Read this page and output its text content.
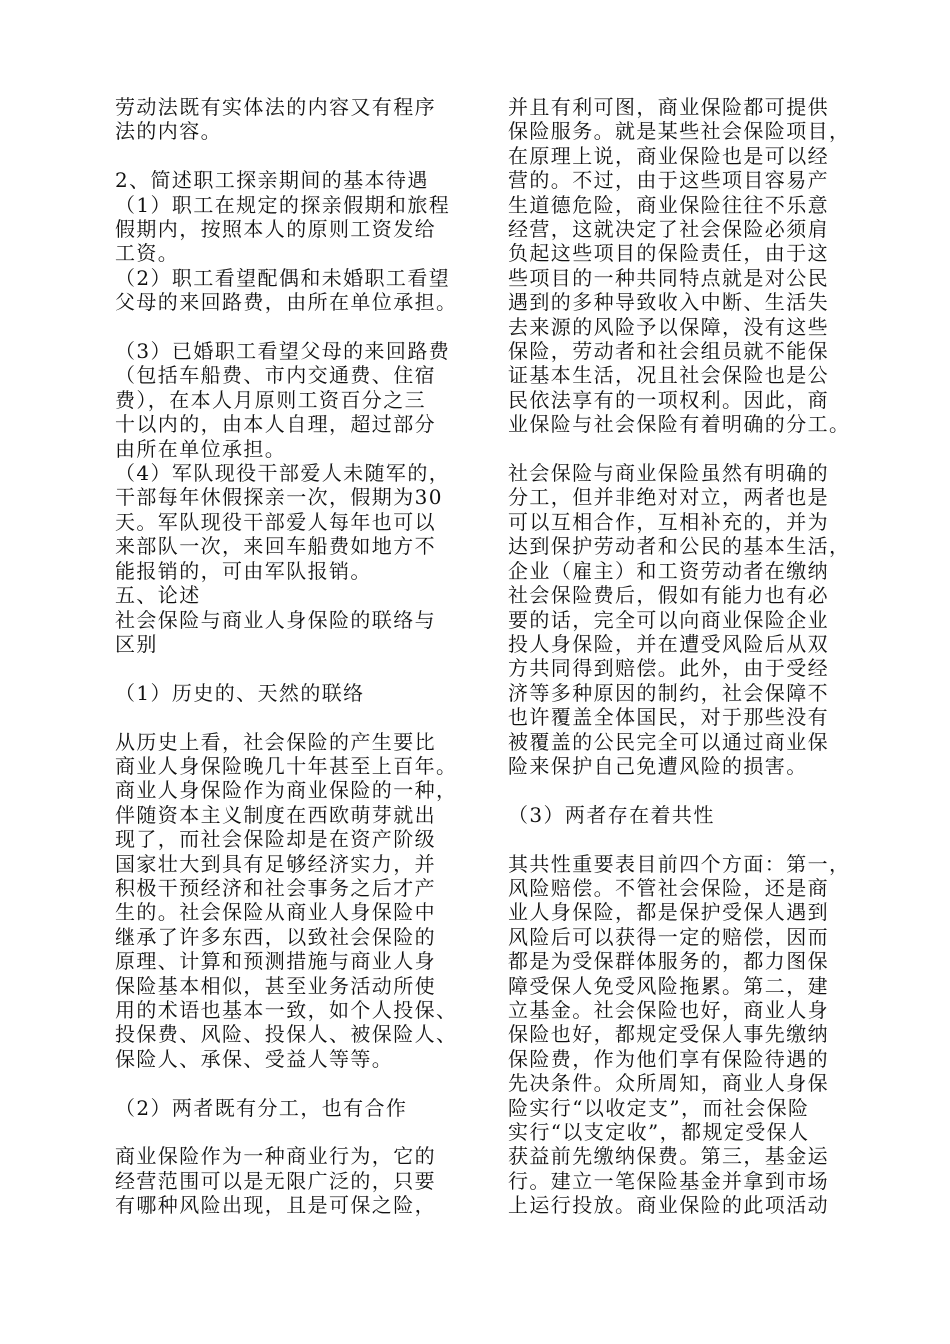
劳动法既有实体法的内容又有程序
法的内容。
2、简述职工探亲期间的基本待遇
（1）职工在规定的探亲假期和旅程
假期内，按照本人的原则工资发给
工资。
（2）职工看望配偶和未婚职工看望
父母的来回路费，由所在单位承担。
（3）已婚职工看望父母的来回路费
（包括车船费、市内交通费、住宿
费），在本人月原则工资百分之三
十以内的，由本人自理，超过部分
由所在单位承担。
（4）军队现役干部爱人未随军的，
干部每年休假探亲一次，假期为30
天。军队现役干部爱人每年也可以
来部队一次，来回车船费如地方不
能报销的，可由军队报销。
五、论述
社会保险与商业人身保险的联络与
区别
（1）历史的、天然的联络
从历史上看，社会保险的产生要比
商业人身保险晚几十年甚至上百年。
商业人身保险作为商业保险的一种，
伴随资本主义制度在西欧萌芽就出
现了，而社会保险却是在资产阶级
国家壮大到具有足够经济实力，并
积极干预经济和社会事务之后才产
生的。社会保险从商业人身保险中
继承了许多东西，以致社会保险的
原理、计算和预测措施与商业人身
保险基本相似，甚至业务活动所使
用的术语也基本一致，如个人投保、
投保费、风险、投保人、被保险人、
保险人、承保、受益人等等。
（2）两者既有分工，也有合作
商业保险作为一种商业行为，它的
经营范围可以是无限广泛的，只要
有哪种风险出现，且是可保之险，
并且有利可图，商业保险都可提供
保险服务。就是某些社会保险项目，
在原理上说，商业保险也是可以经
营的。不过，由于这些项目容易产
生道德危险，商业保险往往不乐意
经营，这就决定了社会保险必须肩
负起这些项目的保险责任，由于这
些项目的一种共同特点就是对公民
遇到的多种导致收入中断、生活失
去来源的风险予以保障，没有这些
保险，劳动者和社会组员就不能保
证基本生活，况且社会保险也是公
民依法享有的一项权利。因此，商
业保险与社会保险有着明确的分工。
社会保险与商业保险虽然有明确的
分工，但并非绝对对立，两者也是
可以互相合作，互相补充的，并为
达到保护劳动者和公民的基本生活，
企业（雇主）和工资劳动者在缴纳
社会保险费后，假如有能力也有必
要的话，完全可以向商业保险企业
投人身保险，并在遭受风险后从双
方共同得到赔偿。此外，由于受经
济等多种原因的制约，社会保障不
也许覆盖全体国民，对于那些没有
被覆盖的公民完全可以通过商业保
险来保护自己免遭风险的损害。
（3）两者存在着共性
其共性重要表目前四个方面：第一，
风险赔偿。不管社会保险，还是商
业人身保险，都是保护受保人遇到
风险后可以获得一定的赔偿，因而
都是为受保群体服务的，都力图保
障受保人免受风险拖累。第二，建
立基金。社会保险也好，商业人身
保险也好，都规定受保人事先缴纳
保险费，作为他们享有保险待遇的
先决条件。众所周知，商业人身保
险实行“以收定支”，而社会保险
实行“以支定收”，都规定受保人
获益前先缴纳保费。第三，基金运
行。建立一笔保险基金并拿到市场
上运行投放。商业保险的此项活动
